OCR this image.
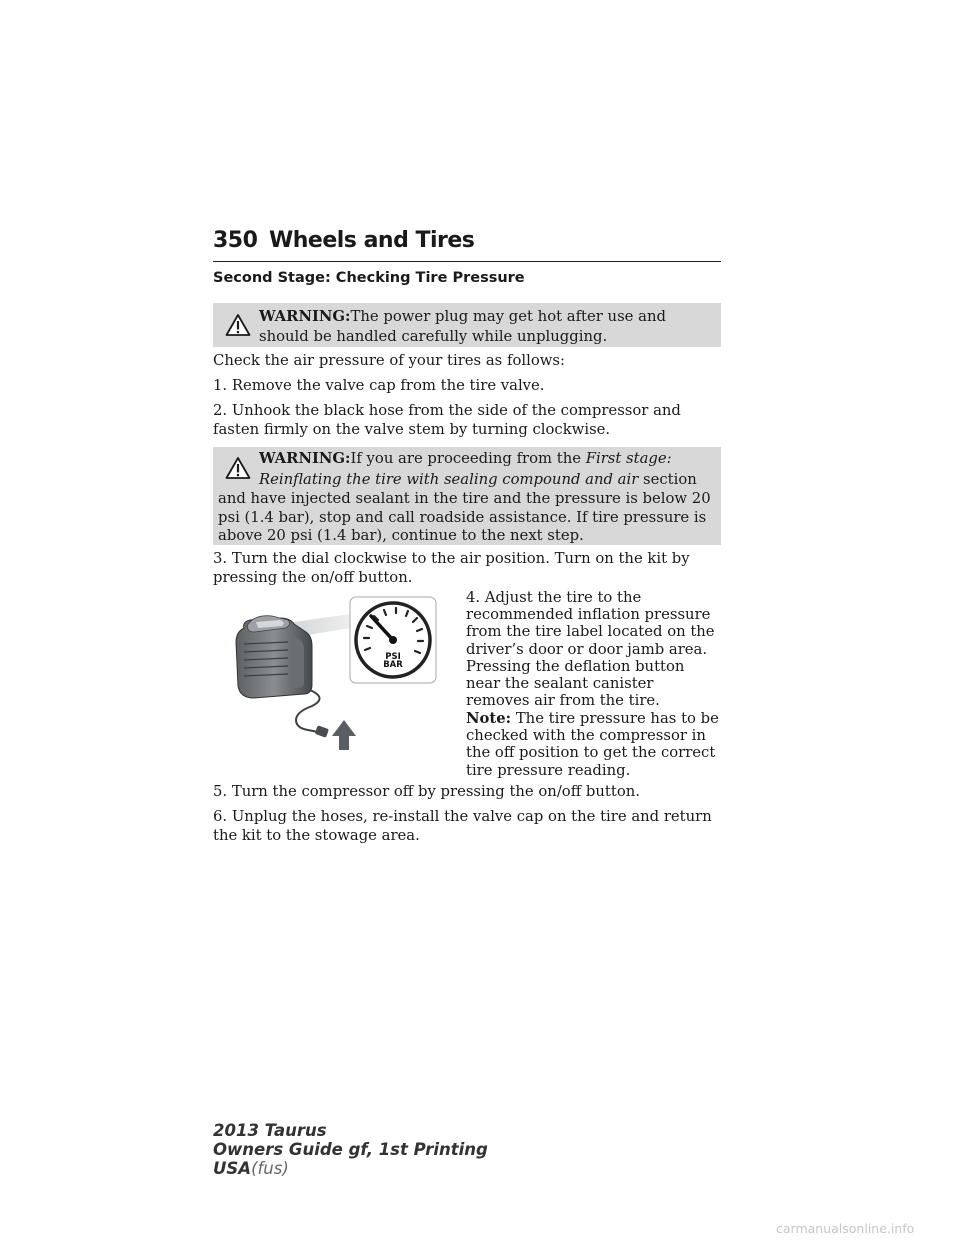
350 Wheels and Tires
Second Stage: Checking Tire Pressure
WARNING:The power plug may get hot after use and should be handled carefully while unplugging.
Check the air pressure of your tires as follows:
1. Remove the valve cap from the tire valve.
2. Unhook the black hose from the side of the compressor and fasten firmly on the valve stem by turning clockwise.
WARNING:If you are proceeding from the First stage: Reinflating the tire with sealing compound and air section
and have injected sealant in the tire and the pressure is below 20 psi (1.4 bar), stop and call roadside assistance. If tire pressure is above 20 psi (1.4 bar), continue to the next step.
3. Turn the dial clockwise to the air position. Turn on the kit by pressing the on/off button.
4. Adjust the tire to the recommended inflation pressure from the tire label located on the driver’s door or door jamb area. Pressing the deflation button near the sealant canister removes air from the tire.
Note: The tire pressure has to be checked with the compressor in the off position to get the correct tire pressure reading.
PSI
BAR
5. Turn the compressor off by pressing the on/off button.
6. Unplug the hoses, re-install the valve cap on the tire and return the kit to the stowage area.
2013 Taurus
Owners Guide gf, 1st Printing
USA(fus)
carmanualsonline.info
